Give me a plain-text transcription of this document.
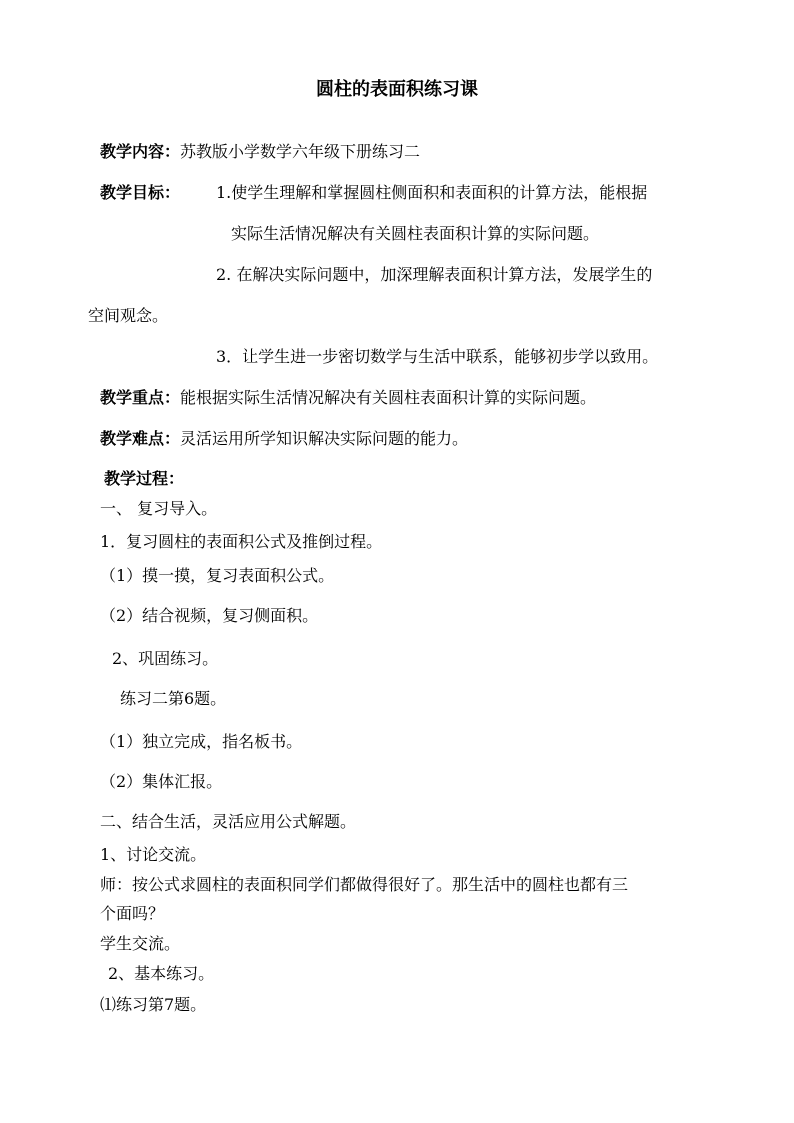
圆柱的表面积练习课
教学内容：苏教版小学数学六年级下册练习二
教学目标： 1.使学生理解和掌握圆柱侧面积和表面积的计算方法，能根据
实际生活情况解决有关圆柱表面积计算的实际问题。
2. 在解决实际问题中，加深理解表面积计算方法，发展学生的
空间观念。
3．让学生进一步密切数学与生活中联系，能够初步学以致用。
教学重点：能根据实际生活情况解决有关圆柱表面积计算的实际问题。
教学难点：灵活运用所学知识解决实际问题的能力。
教学过程：
一、 复习导入。
1．复习圆柱的表面积公式及推倒过程。
（1）摸一摸，复习表面积公式。
（2）结合视频，复习侧面积。
2、巩固练习。
练习二第6题。
（1）独立完成，指名板书。
（2）集体汇报。
二、结合生活，灵活应用公式解题。
1、讨论交流。
师：按公式求圆柱的表面积同学们都做得很好了。那生活中的圆柱也都有三
个面吗？
学生交流。
2、基本练习。
⑴练习第7题。
